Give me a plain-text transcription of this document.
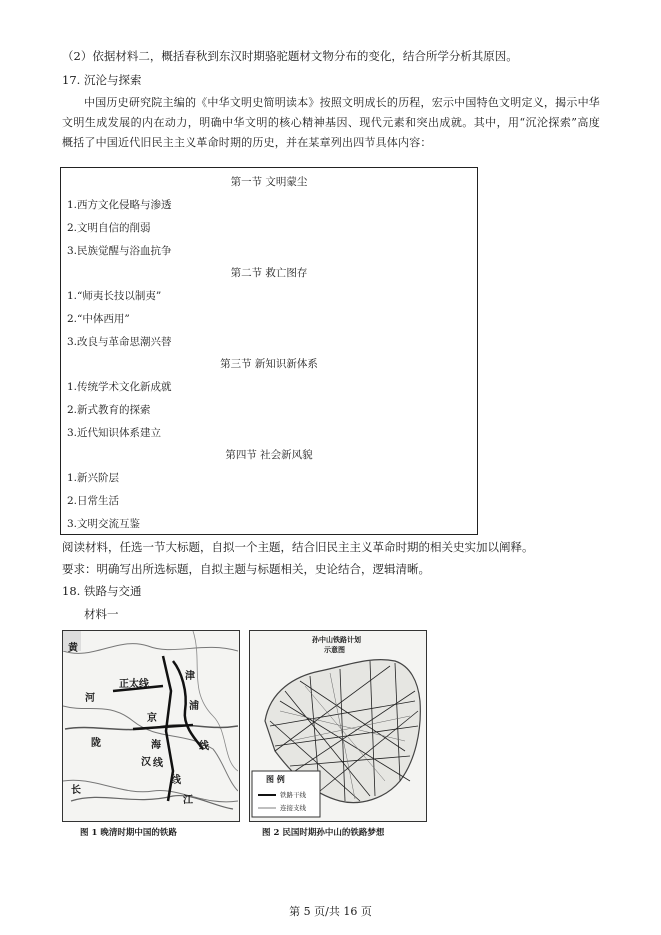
（2）依据材料二，概括春秋到东汉时期骆驼题材文物分布的变化，结合所学分析其原因。
17. 沉沦与探索
中国历史研究院主编的《中华文明史简明读本》按照文明成长的历程，宏示中国特色文明定义，揭示中华文明生成发展的内在动力，明确中华文明的核心精神基因、现代元素和突出成就。其中，用“沉沦探索”高度概括了中国近代旧民主主义革命时期的历史，并在某章列出四节具体内容：
第一节 文明蒙尘
1.西方文化侵略与渗透
2.文明自信的削弱
3.民族觉醒与浴血抗争
第二节 救亡图存
1.“师夷长技以制夷”
2.“中体西用”
3.改良与革命思潮兴替
第三节 新知识新体系
1.传统学术文化新成就
2.新式教育的探索
3.近代知识体系建立
第四节 社会新风貌
1.新兴阶层
2.日常生活
3.文明交流互鉴
阅读材料，任选一节大标题，自拟一个主题，结合旧民主主义革命时期的相关史实加以阐释。
要求：明确写出所选标题，自拟主题与标题相关，史论结合，逻辑清晰。
18. 铁路与交通
材料一
黄
河
正太线
津
浦
线
陇	海
线
京
汉
线
长
江
孙中山铁路计划
示意图
图 例
铁路干线
连接支线
图 1 晚清时期中国的铁路	图 2 民国时期孙中山的铁路梦想
第 5 页/共 16 页
